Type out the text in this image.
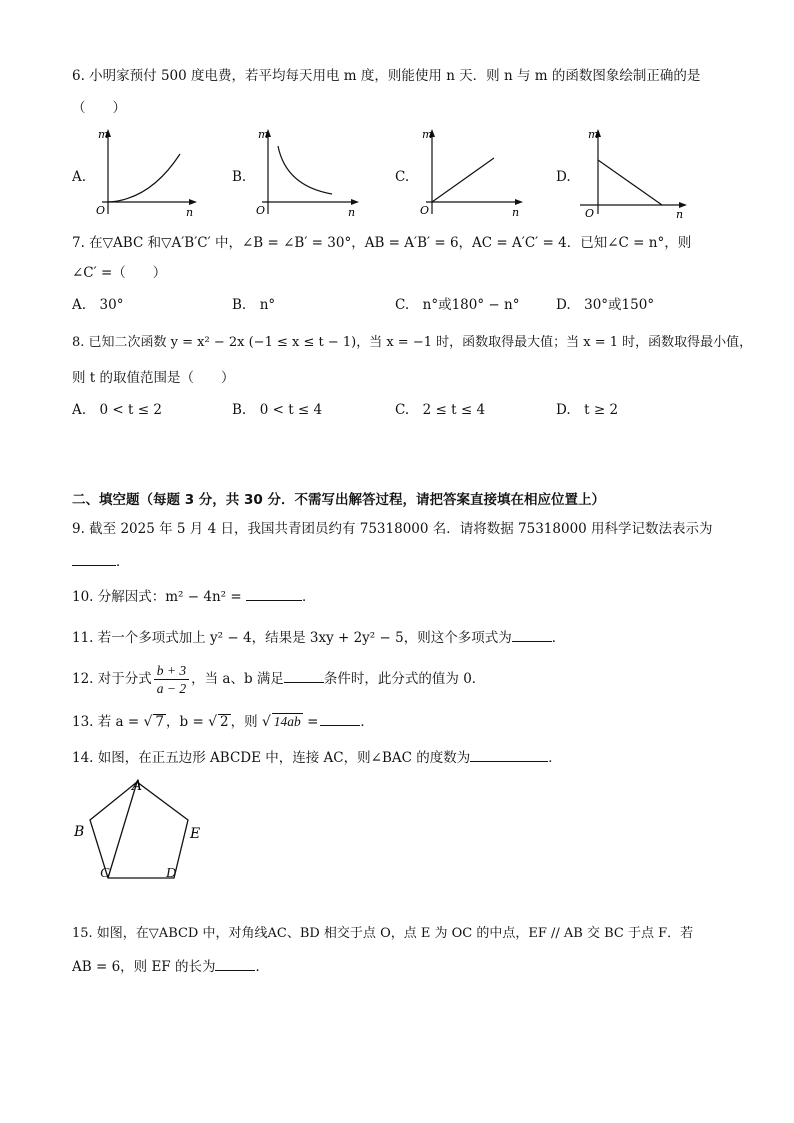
6. 小明家预付 500 度电费，若平均每天用电 m 度，则能使用 n 天．则 n 与 m 的函数图象绘制正确的是
（　　）
A.	B.	C.	D.
m
n
O
m
n
O
m
n
O
m
n
O
7. 在▽ABC 和▽A′B′C′ 中，∠B = ∠B′ = 30°，AB = A′B′ = 6，AC = A′C′ = 4．已知∠C = n°，则
∠C′ =（　　）
A.　30°	B.　n°	C.　n°或180° − n°	D.　30°或150°
8. 已知二次函数 y = x² − 2x (−1 ≤ x ≤ t − 1)，当 x = −1 时，函数取得最大值；当 x = 1 时，函数取得最小值，
则 t 的取值范围是（　　）
A.　0 < t ≤ 2	B.　0 < t ≤ 4	C.　2 ≤ t ≤ 4	D.　t ≥ 2
二、填空题（每题 3 分，共 30 分．不需写出解答过程，请把答案直接填在相应位置上）
9. 截至 2025 年 5 月 4 日，我国共青团员约有 75318000 名．请将数据 75318000 用科学记数法表示为
．
10. 分解因式：m² − 4n² =	．
11. 若一个多项式加上 y² − 4，结果是 3xy + 2y² − 5，则这个多项式为	．
12. 对于分式 $\frac{b + 3}{a - 2}$ ，当 a、b 满足	条件时，此分式的值为 0．
13. 若 a = √ 7 ，b = √ 2 ，则 √ 14ab =	．
14. 如图，在正五边形 ABCDE 中，连接 AC，则∠BAC 的度数为	．
A
B	E
C	D
15. 如图，在▽ABCD 中，对角线AC、BD 相交于点 O，点 E 为 OC 的中点，EF // AB 交 BC 于点 F．若
AB = 6，则 EF 的长为	．
